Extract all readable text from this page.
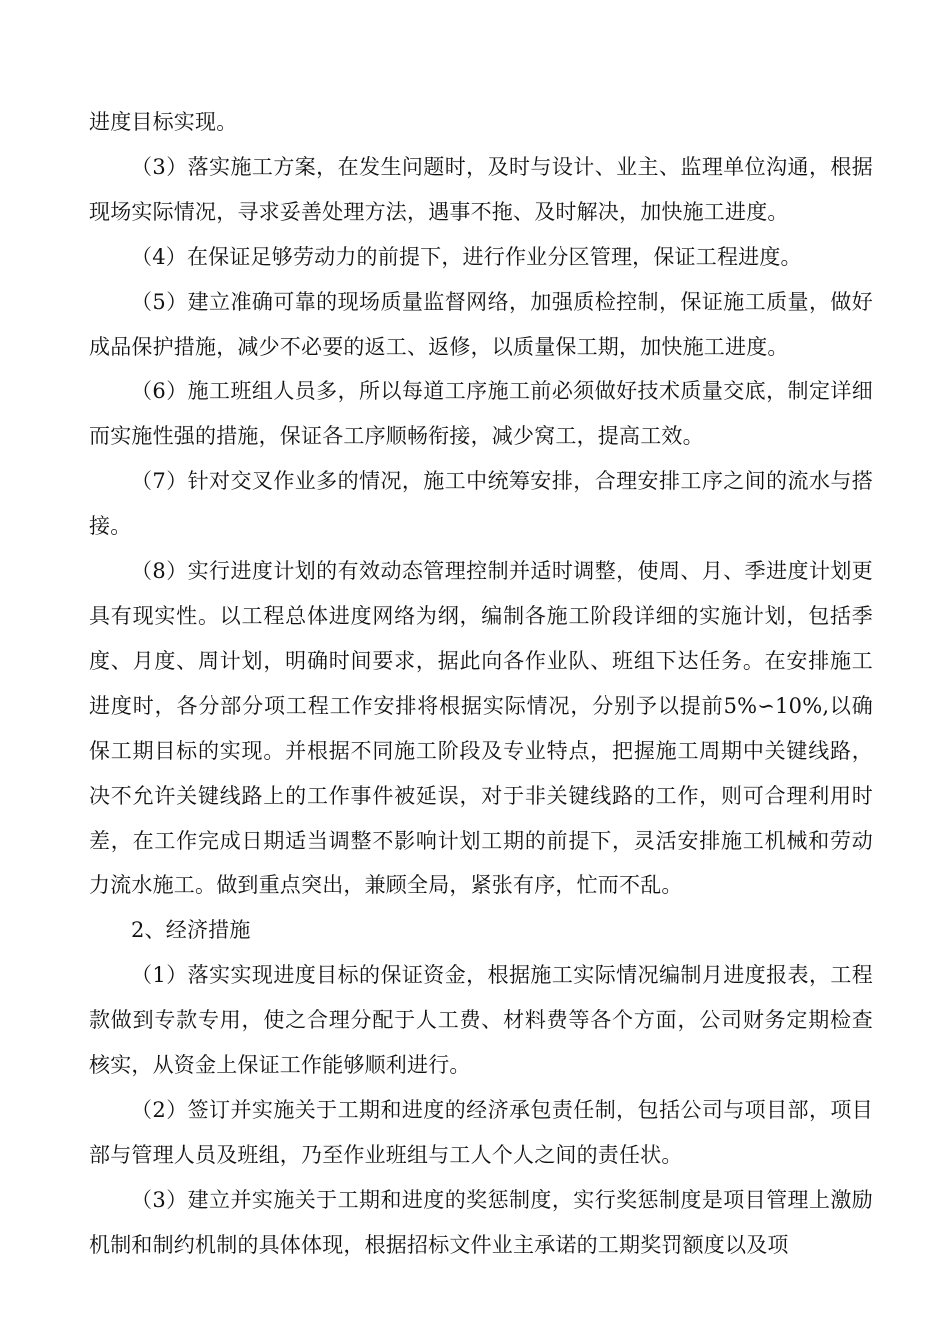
进度目标实现。

（3）落实施工方案，在发生问题时，及时与设计、业主、监理单位沟通，根据现场实际情况，寻求妥善处理方法，遇事不拖、及时解决，加快施工进度。

（4）在保证足够劳动力的前提下，进行作业分区管理，保证工程进度。

（5）建立准确可靠的现场质量监督网络，加强质检控制，保证施工质量，做好成品保护措施，减少不必要的返工、返修，以质量保工期，加快施工进度。

（6）施工班组人员多，所以每道工序施工前必须做好技术质量交底，制定详细而实施性强的措施，保证各工序顺畅衔接，减少窝工，提高工效。

（7）针对交叉作业多的情况，施工中统筹安排，合理安排工序之间的流水与搭接。

（8）实行进度计划的有效动态管理控制并适时调整，使周、月、季进度计划更具有现实性。以工程总体进度网络为纲，编制各施工阶段详细的实施计划，包括季度、月度、周计划，明确时间要求，据此向各作业队、班组下达任务。在安排施工进度时，各分部分项工程工作安排将根据实际情况，分别予以提前5%∽10%,以确保工期目标的实现。并根据不同施工阶段及专业特点，把握施工周期中关键线路，决不允许关键线路上的工作事件被延误，对于非关键线路的工作，则可合理利用时差，在工作完成日期适当调整不影响计划工期的前提下，灵活安排施工机械和劳动力流水施工。做到重点突出，兼顾全局，紧张有序，忙而不乱。

2、经济措施

（1）落实实现进度目标的保证资金，根据施工实际情况编制月进度报表，工程款做到专款专用，使之合理分配于人工费、材料费等各个方面，公司财务定期检查核实，从资金上保证工作能够顺利进行。

（2）签订并实施关于工期和进度的经济承包责任制，包括公司与项目部，项目部与管理人员及班组，乃至作业班组与工人个人之间的责任状。

（3）建立并实施关于工期和进度的奖惩制度，实行奖惩制度是项目管理上激励机制和制约机制的具体体现，根据招标文件业主承诺的工期奖罚额度以及项
